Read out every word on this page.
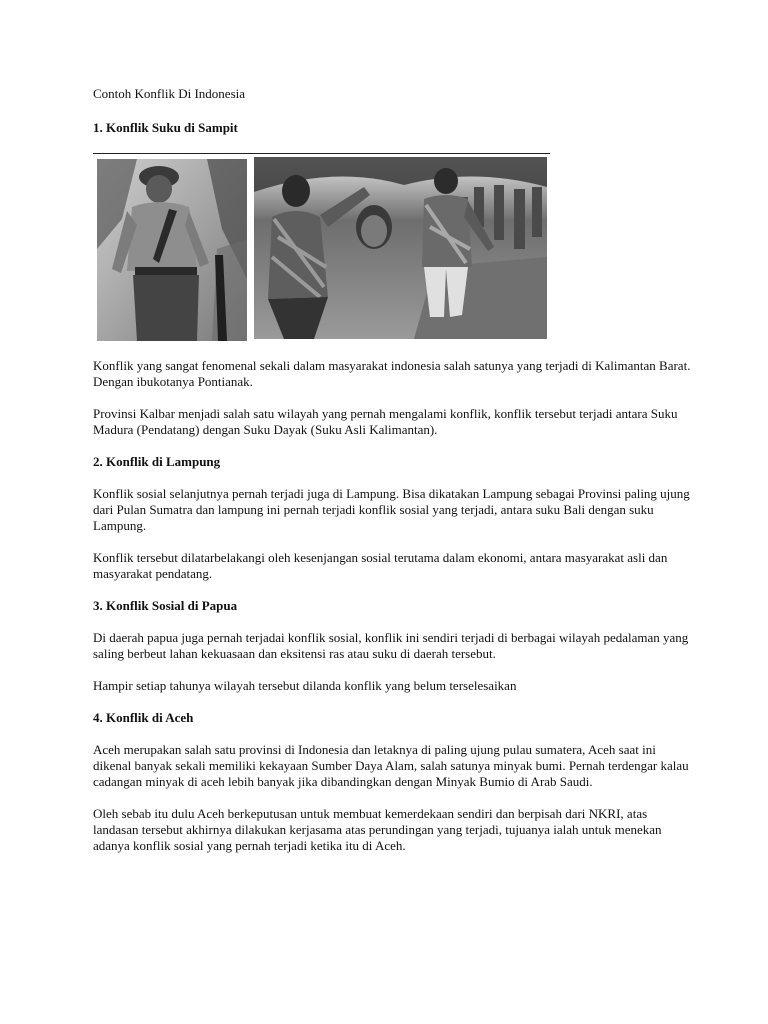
Contoh Konflik Di Indonesia
1. Konflik Suku di Sampit

Konflik yang sangat fenomenal sekali dalam masyarakat indonesia salah satunya yang terjadi di Kalimantan Barat. Dengan ibukotanya Pontianak.

Provinsi Kalbar menjadi salah satu wilayah yang pernah mengalami konflik, konflik tersebut terjadi antara Suku Madura (Pendatang) dengan Suku Dayak (Suku Asli Kalimantan).

2. Konflik di Lampung

Konflik sosial selanjutnya pernah terjadi juga di Lampung. Bisa dikatakan Lampung sebagai Provinsi paling ujung dari Pulan Sumatra dan lampung ini pernah terjadi konflik sosial yang terjadi, antara suku Bali dengan suku Lampung.

Konflik tersebut dilatarbelakangi oleh kesenjangan sosial terutama dalam ekonomi, antara masyarakat asli dan masyarakat pendatang.

3. Konflik Sosial di Papua

Di daerah papua juga pernah terjadai konflik sosial, konflik ini sendiri terjadi di berbagai wilayah pedalaman yang saling berbeut lahan kekuasaan dan eksitensi ras atau suku di daerah tersebut.

Hampir setiap tahunya wilayah tersebut dilanda konflik yang belum terselesaikan

4. Konflik di Aceh

Aceh merupakan salah satu provinsi di Indonesia dan letaknya di paling ujung pulau sumatera, Aceh saat ini dikenal banyak sekali memiliki kekayaan Sumber Daya Alam, salah satunya minyak bumi. Pernah terdengar kalau cadangan minyak di aceh lebih banyak jika dibandingkan dengan Minyak Bumio di Arab Saudi.

Oleh sebab itu dulu Aceh berkeputusan untuk membuat kemerdekaan sendiri dan berpisah dari NKRI, atas landasan tersebut akhirnya dilakukan kerjasama atas perundingan yang terjadi, tujuanya ialah untuk menekan adanya konflik sosial yang pernah terjadi ketika itu di Aceh.
